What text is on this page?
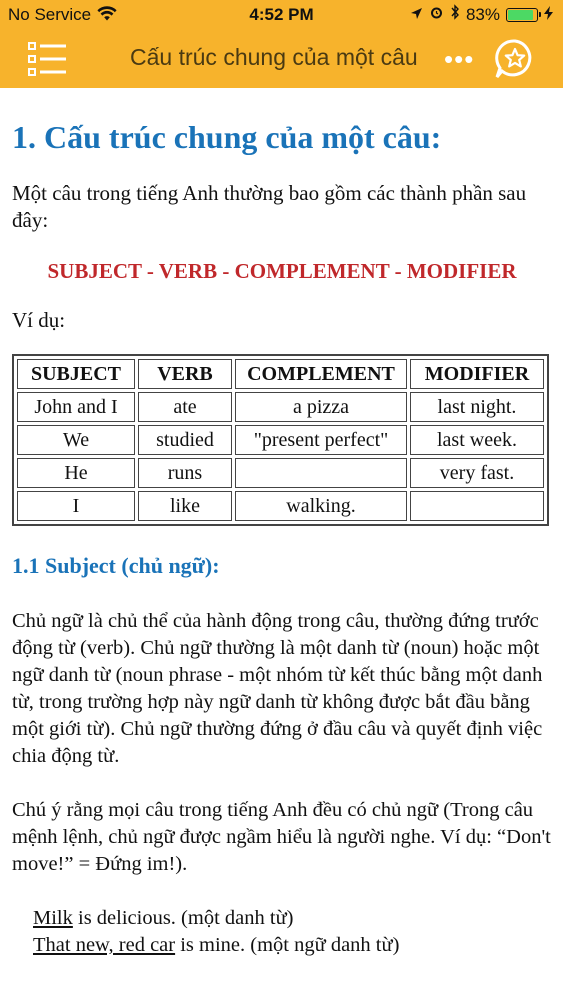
No Service	4:52 PM	83%
Cấu trúc chung của một câu •••
1. Cấu trúc chung của một câu:

Một câu trong tiếng Anh thường bao gồm các thành phần sau đây:

SUBJECT - VERB - COMPLEMENT - MODIFIER

Ví dụ:

SUBJECT	VERB	COMPLEMENT	MODIFIER
John and I	ate	a pizza	last night.
We	studied	"present perfect"	last week.
He	runs		very fast.
I	like	walking.	
1.1 Subject (chủ ngữ):

Chủ ngữ là chủ thể của hành động trong câu, thường đứng trước động từ (verb). Chủ ngữ thường là một danh từ (noun) hoặc một ngữ danh từ (noun phrase - một nhóm từ kết thúc bằng một danh từ, trong trường hợp này ngữ danh từ không được bắt đầu bằng một giới từ). Chủ ngữ thường đứng ở đầu câu và quyết định việc chia động từ.

Chú ý rằng mọi câu trong tiếng Anh đều có chủ ngữ (Trong câu mệnh lệnh, chủ ngữ được ngầm hiểu là người nghe. Ví dụ: “Don't move!” = Đứng im!).

Milk is delicious. (một danh từ)
That new, red car is mine. (một ngữ danh từ)
